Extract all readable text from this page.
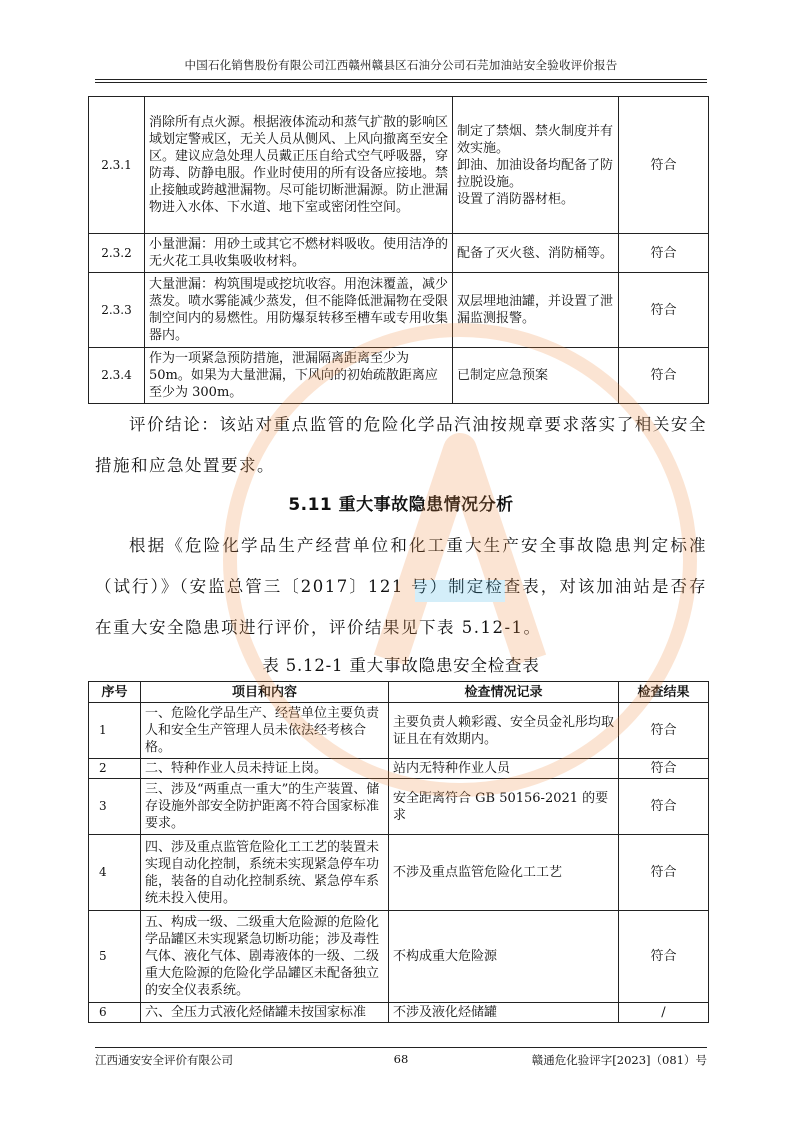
中国石化销售股份有限公司江西赣州赣县区石油分公司石芫加油站安全验收评价报告
2.3.1	消除所有点火源。根据液体流动和蒸气扩散的影响区域划定警戒区，无关人员从侧风、上风向撤离至安全区。建议应急处理人员戴正压自给式空气呼吸器，穿防毒、防静电服。作业时使用的所有设备应接地。禁止接触或跨越泄漏物。尽可能切断泄漏源。防止泄漏物进入水体、下水道、地下室或密闭性空间。	制定了禁烟、禁火制度并有效实施。
卸油、加油设备均配备了防拉脱设施。
设置了消防器材柜。	符合
2.3.2	小量泄漏：用砂土或其它不燃材料吸收。使用洁净的无火花工具收集吸收材料。	配备了灭火毯、消防桶等。	符合
2.3.3	大量泄漏：构筑围堤或挖坑收容。用泡沫覆盖，减少蒸发。喷水雾能减少蒸发，但不能降低泄漏物在受限制空间内的易燃性。用防爆泵转移至槽车或专用收集器内。	双层埋地油罐，并设置了泄漏监测报警。	符合
2.3.4	作为一项紧急预防措施，泄漏隔离距离至少为50m。如果为大量泄漏，下风向的初始疏散距离应至少为 300m。	已制定应急预案	符合
评价结论：该站对重点监管的危险化学品汽油按规章要求落实了相关安全措施和应急处置要求。
5.11 重大事故隐患情况分析
根据《危险化学品生产经营单位和化工重大生产安全事故隐患判定标准（试行）》（安监总管三〔2017〕121 号）制定检查表，对该加油站是否存在重大安全隐患项进行评价，评价结果见下表 5.12-1。
表 5.12-1 重大事故隐患安全检查表
序号	项目和内容	检查情况记录	检查结果
1	一、危险化学品生产、经营单位主要负责人和安全生产管理人员未依法经考核合格。	主要负责人赖彩霞、安全员金礼彤均取证且在有效期内。	符合
2	二、特种作业人员未持证上岗。	站内无特种作业人员	符合
3	三、涉及“两重点一重大”的生产装置、储存设施外部安全防护距离不符合国家标准要求。	安全距离符合 GB 50156-2021 的要求	符合
4	四、涉及重点监管危险化工工艺的装置未实现自动化控制，系统未实现紧急停车功能，装备的自动化控制系统、紧急停车系统未投入使用。	不涉及重点监管危险化工工艺	符合
5	五、构成一级、二级重大危险源的危险化学品罐区未实现紧急切断功能；涉及毒性气体、液化气体、剧毒液体的一级、二级重大危险源的危险化学品罐区未配备独立的安全仪表系统。	不构成重大危险源	符合
6	六、全压力式液化烃储罐未按国家标准	不涉及液化烃储罐	/
江西通安安全评价有限公司	68	赣通危化验评字[2023]（081）号
